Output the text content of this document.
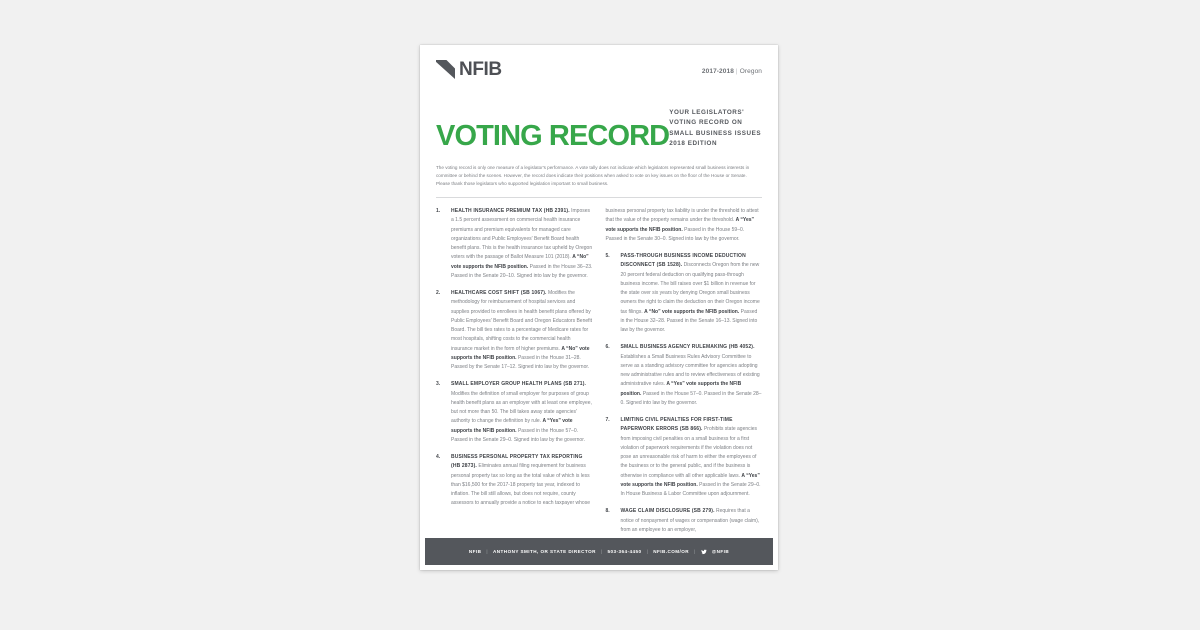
NFIB	2017-2018 | Oregon
VOTING RECORD
YOUR LEGISLATORS'
VOTING RECORD ON
SMALL BUSINESS ISSUES
2018 EDITION

The voting record is only one measure of a legislator's performance. A vote tally does not indicate which legislators represented small business interests in committee or behind the scenes. However, the record does indicate their positions when asked to vote on key issues on the floor of the House or Senate. Please thank those legislators who supported legislation important to small business.

1.	HEALTH INSURANCE PREMIUM TAX (HB 2391). Imposes a 1.5 percent assessment on commercial health insurance premiums and premium equivalents for managed care organizations and Public Employees' Benefit Board health benefit plans. This is the health insurance tax upheld by Oregon voters with the passage of Ballot Measure 101 (2018). A “No” vote supports the NFIB position. Passed in the House 36–23. Passed in the Senate 20–10. Signed into law by the governor.
2.	HEALTHCARE COST SHIFT (SB 1067). Modifies the methodology for reimbursement of hospital services and supplies provided to enrollees in health benefit plans offered by Public Employees' Benefit Board and Oregon Educators Benefit Board. The bill ties rates to a percentage of Medicare rates for most hospitals, shifting costs to the commercial health insurance market in the form of higher premiums. A “No” vote supports the NFIB position. Passed in the House 31–28. Passed by the Senate 17–12. Signed into law by the governor.
3.	SMALL EMPLOYER GROUP HEALTH PLANS (SB 271). Modifies the definition of small employer for purposes of group health benefit plans as an employer with at least one employee, but not more than 50. The bill takes away state agencies' authority to change the definition by rule. A “Yes” vote supports the NFIB position. Passed in the House 57–0. Passed in the Senate 29–0. Signed into law by the governor.
4.	BUSINESS PERSONAL PROPERTY TAX REPORTING (HB 2873). Eliminates annual filing requirement for business personal property tax so long as the total value of which is less than $16,500 for the 2017-18 property tax year, indexed to inflation. The bill still allows, but does not require, county assessors to annually provide a notice to each taxpayer whose
business personal property tax liability is under the threshold to attest that the value of the property remains under the threshold. A “Yes” vote supports the NFIB position. Passed in the House 59–0. Passed in the Senate 30–0. Signed into law by the governor.
5.	PASS-THROUGH BUSINESS INCOME DEDUCTION DISCONNECT (SB 1528). Disconnects Oregon from the new 20 percent federal deduction on qualifying pass-through business income. The bill raises over $1 billion in revenue for the state over six years by denying Oregon small business owners the right to claim the deduction on their Oregon income tax filings. A “No” vote supports the NFIB position. Passed in the House 32–28. Passed in the Senate 16–13. Signed into law by the governor.
6.	SMALL BUSINESS AGENCY RULEMAKING (HB 4052). Establishes a Small Business Rules Advisory Committee to serve as a standing advisory committee for agencies adopting new administrative rules and to review effectiveness of existing administrative rules. A “Yes” vote supports the NFIB position. Passed in the House 57–0. Passed in the Senate 28–0. Signed into law by the governor.
7.	LIMITING CIVIL PENALTIES FOR FIRST-TIME PAPERWORK ERRORS (SB 866). Prohibits state agencies from imposing civil penalties on a small business for a first violation of paperwork requirements if the violation does not pose an unreasonable risk of harm to either the employees of the business or to the general public, and if the business is otherwise in compliance with all other applicable laws. A “Yes” vote supports the NFIB position. Passed in the Senate 29–0. In House Business & Labor Committee upon adjournment.
8.	WAGE CLAIM DISCLOSURE (SB 279). Requires that a notice of nonpayment of wages or compensation (wage claim), from an employee to an employer,
NFIB | ANTHONY SMITH, OR STATE DIRECTOR | 503-364-4450 | NFIB.COM/OR |	@NFIB
